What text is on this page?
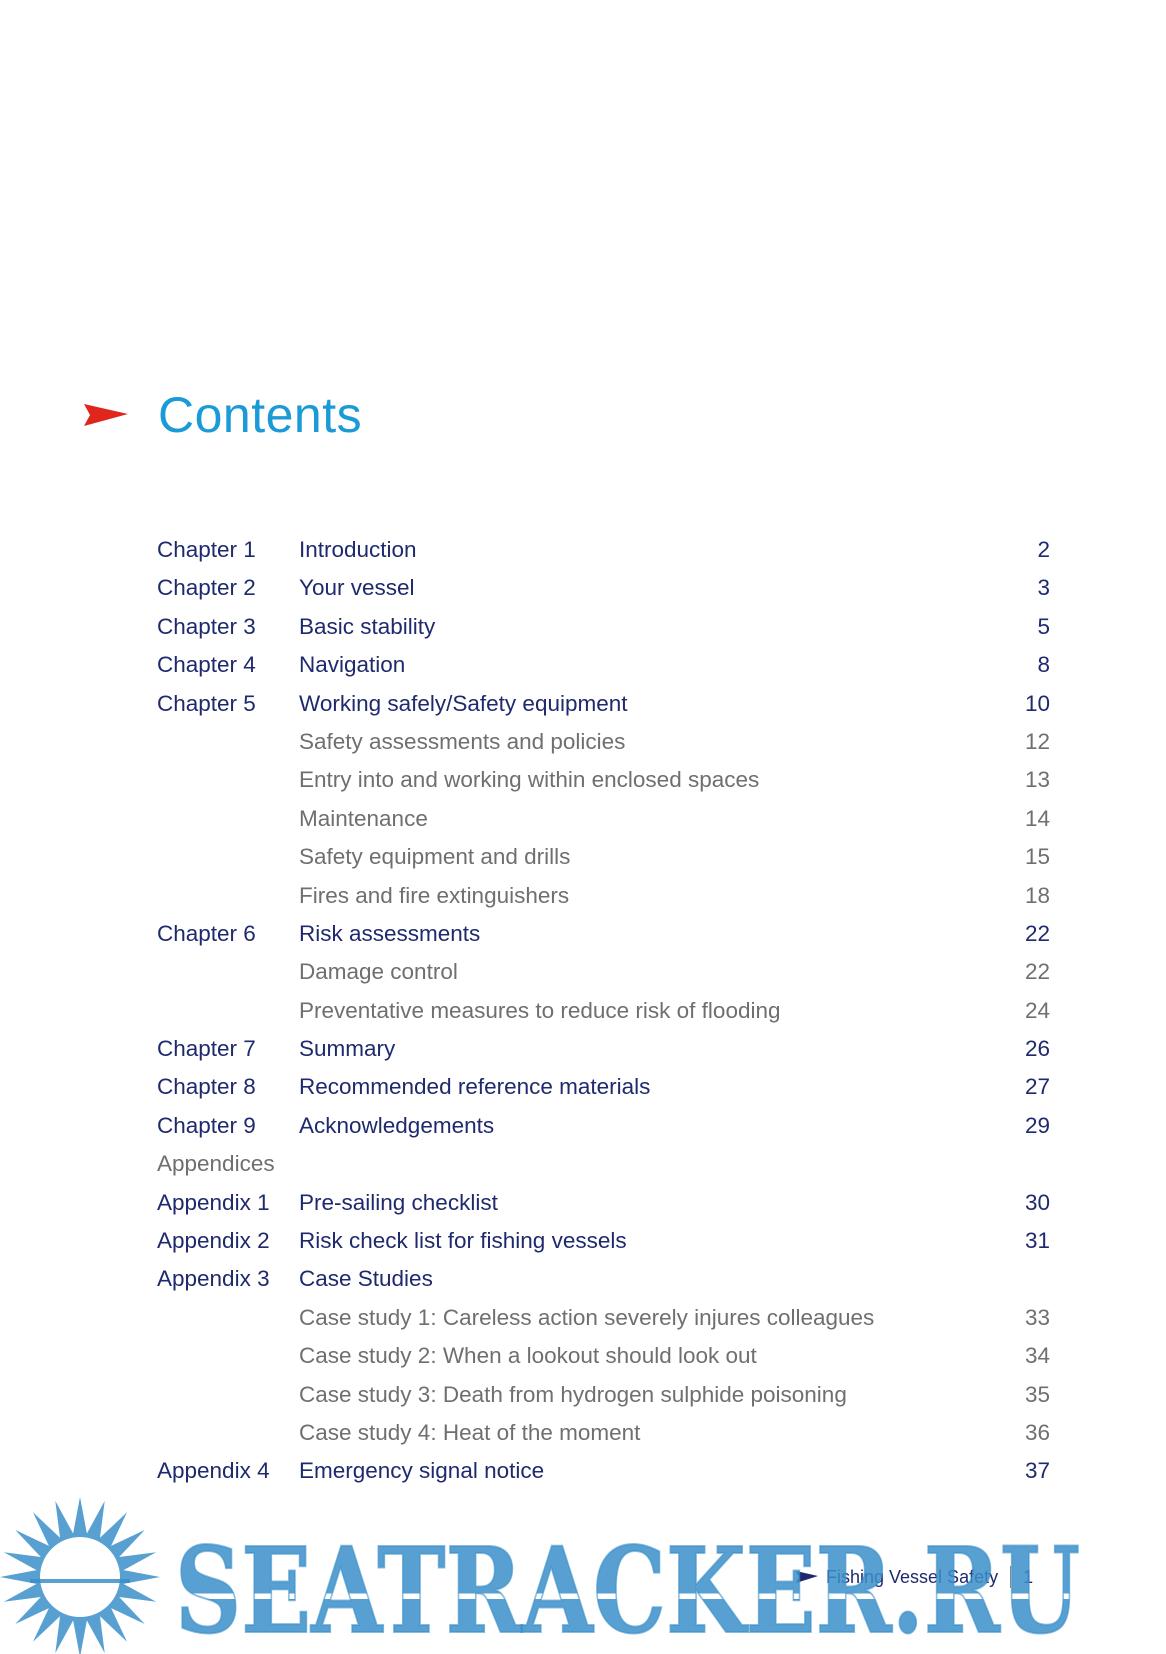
Contents
Chapter 1 Introduction	2
Chapter 2 Your vessel	3
Chapter 3 Basic stability	5
Chapter 4 Navigation	8
Chapter 5 Working safely/Safety equipment	10
Safety assessments and policies	12
Entry into and working within enclosed spaces	13
Maintenance	14
Safety equipment and drills	15
Fires and fire extinguishers	18
Chapter 6 Risk assessments	22
Damage control	22
Preventative measures to reduce risk of flooding	24
Chapter 7 Summary	26
Chapter 8 Recommended reference materials	27
Chapter 9 Acknowledgements	29
Appendices
Appendix 1 Pre-sailing checklist	30
Appendix 2 Risk check list for fishing vessels	31
Appendix 3 Case Studies
Case study 1: Careless action severely injures colleagues	33
Case study 2: When a lookout should look out	34
Case study 3: Death from hydrogen sulphide poisoning	35
Case study 4: Heat of the moment	36
Appendix 4 Emergency signal notice	37
Fishing Vessel Safety 1
SEATRACKER.RU
